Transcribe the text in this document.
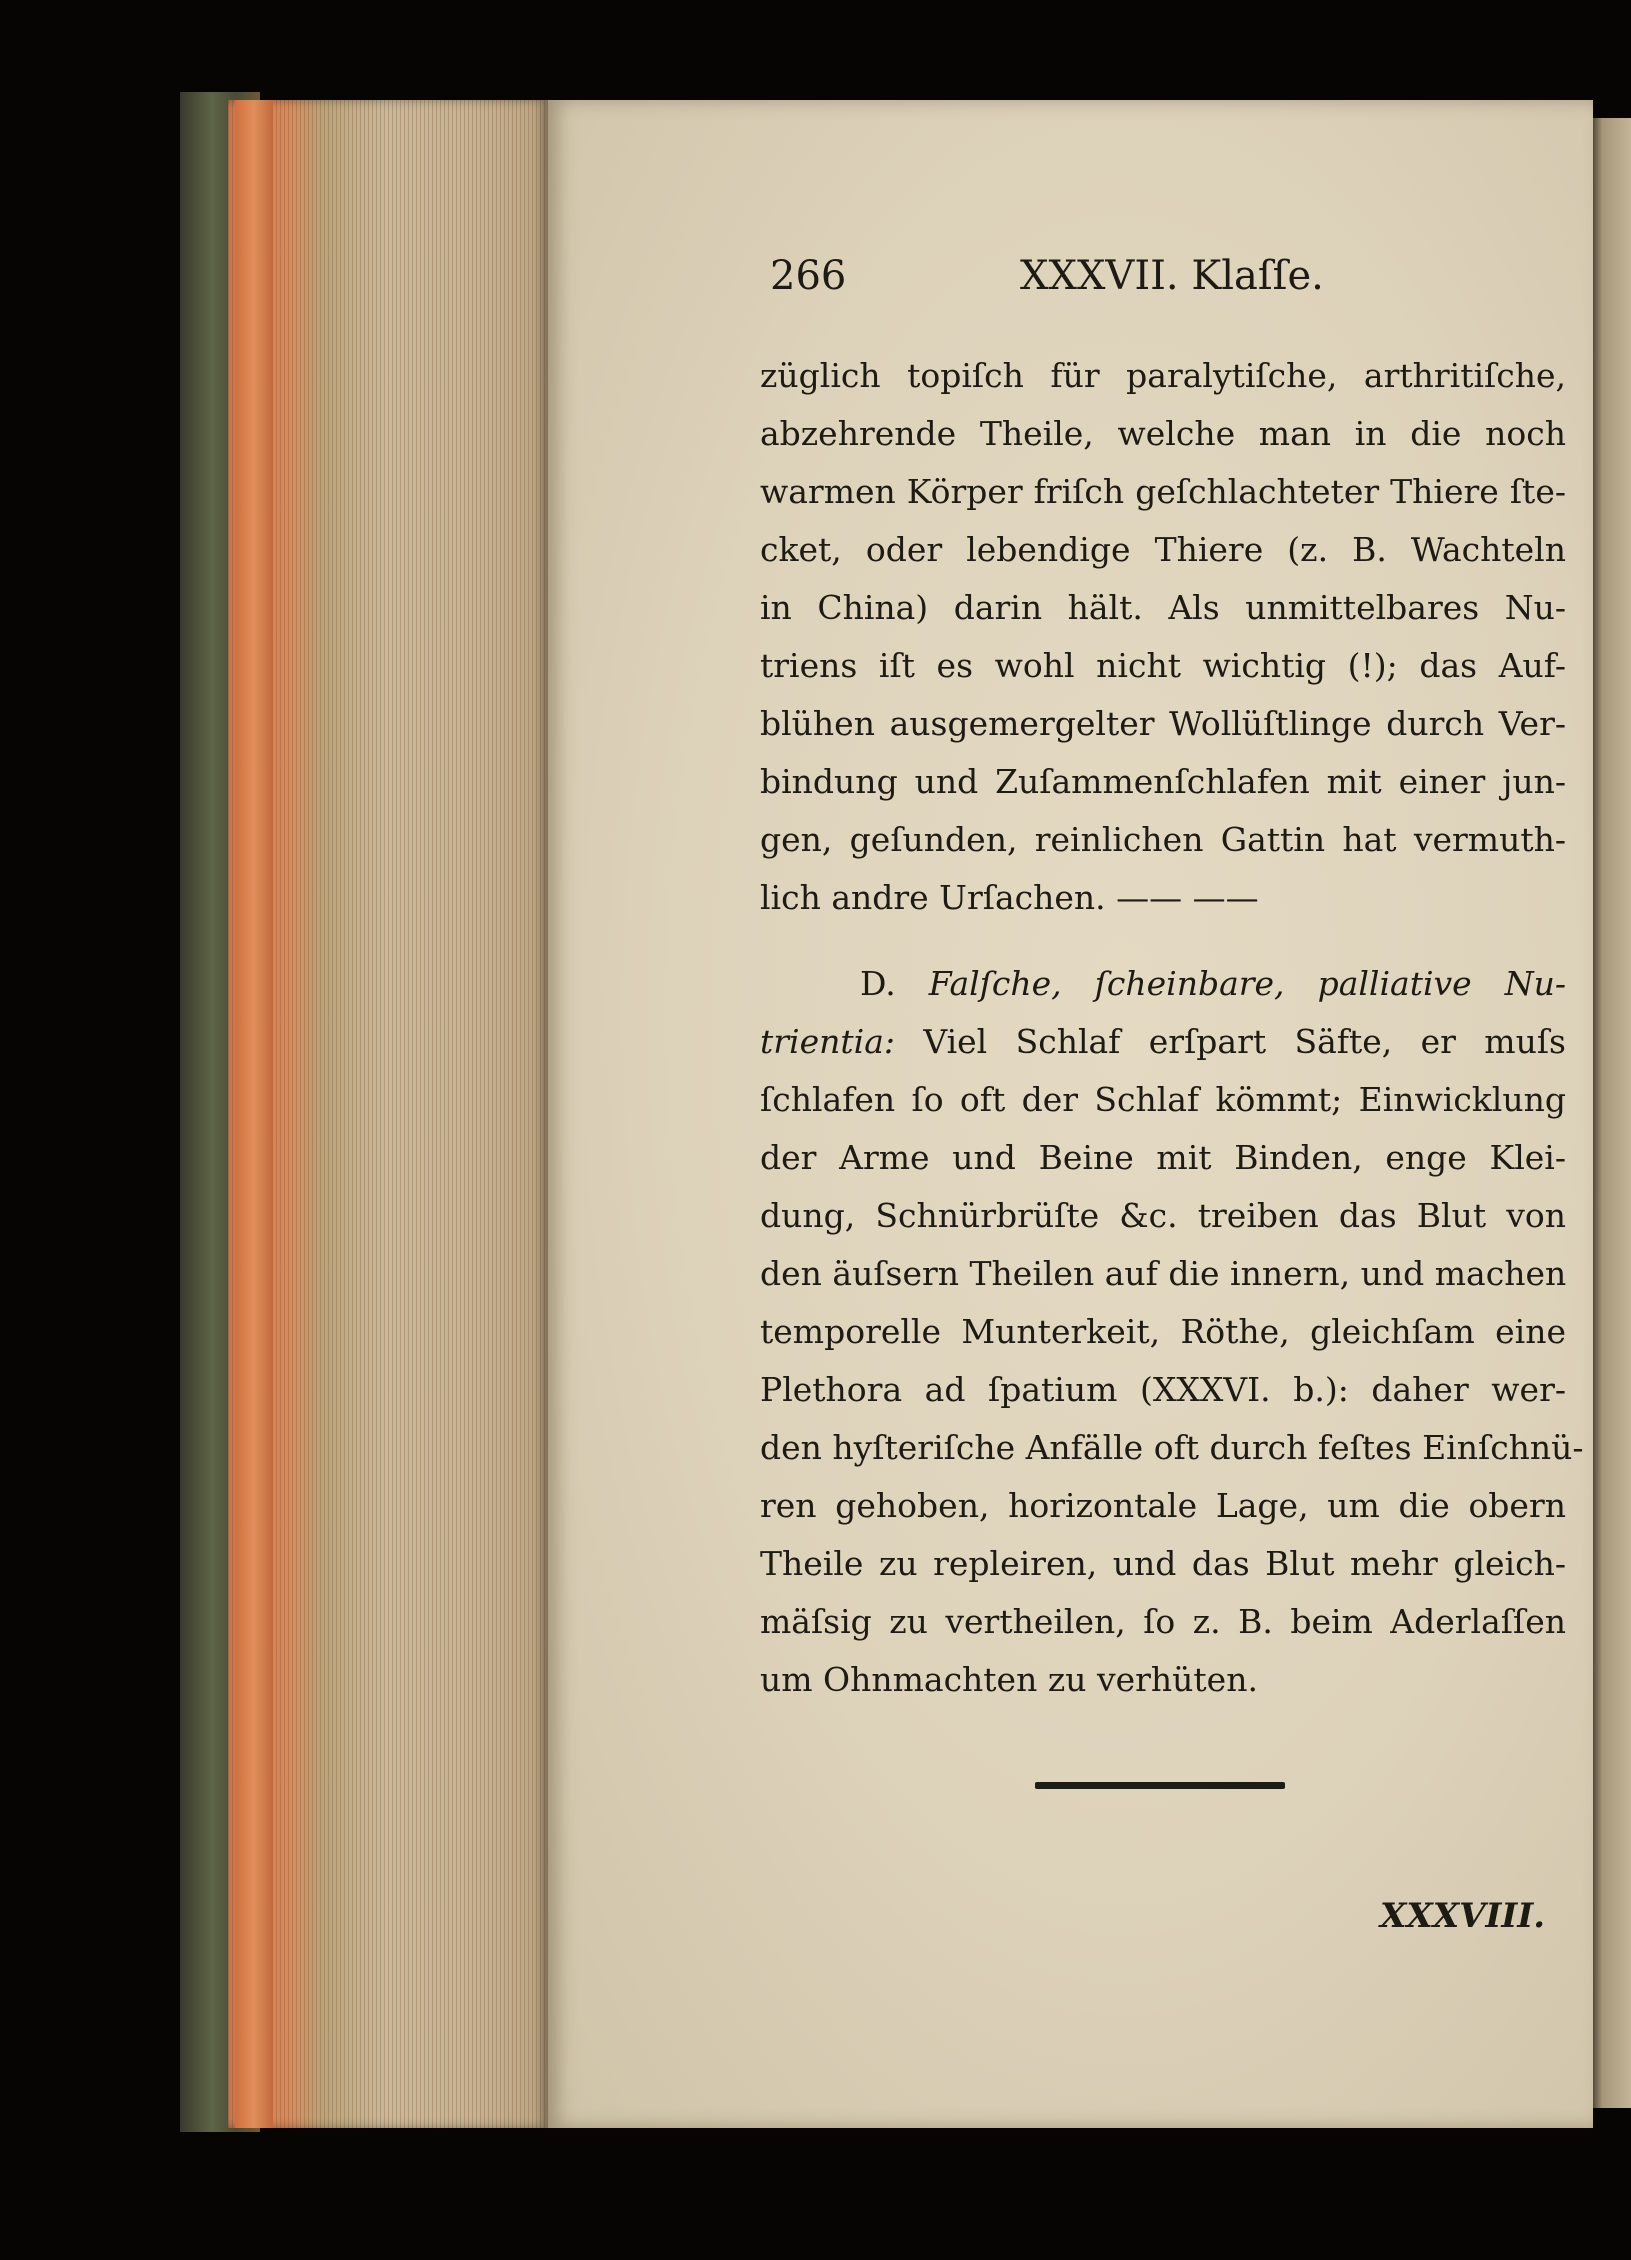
266	XXXVII. Klaſſe.
züglich topiſch für paralytiſche, arthritiſche,
abzehrende Theile, welche man in die noch
warmen Körper friſch geſchlachteter Thiere ſte-
cket, oder lebendige Thiere (z. B. Wachteln
in China) darin hält. Als unmittelbares Nu-
triens iſt es wohl nicht wichtig (!); das Auf-
blühen ausgemergelter Wollüſtlinge durch Ver-
bindung und Zuſammenſchlafen mit einer jun-
gen, geſunden, reinlichen Gattin hat vermuth-
lich andre Urſachen. —— ——
D. Falſche, ſcheinbare, palliative Nu-
trientia: Viel Schlaf erſpart Säfte, er muſs
ſchlafen ſo oft der Schlaf kömmt; Einwicklung
der Arme und Beine mit Binden, enge Klei-
dung, Schnürbrüſte &c. treiben das Blut von
den äuſsern Theilen auf die innern, und machen
temporelle Munterkeit, Röthe, gleichſam eine
Plethora ad ſpatium (XXXVI. b.): daher wer-
den hyſteriſche Anfälle oft durch feſtes Einſchnü-
ren gehoben, horizontale Lage, um die obern
Theile zu repleiren, und das Blut mehr gleich-
mäſsig zu vertheilen, ſo z. B. beim Aderlaſſen
um Ohnmachten zu verhüten.
XXXVIII.
